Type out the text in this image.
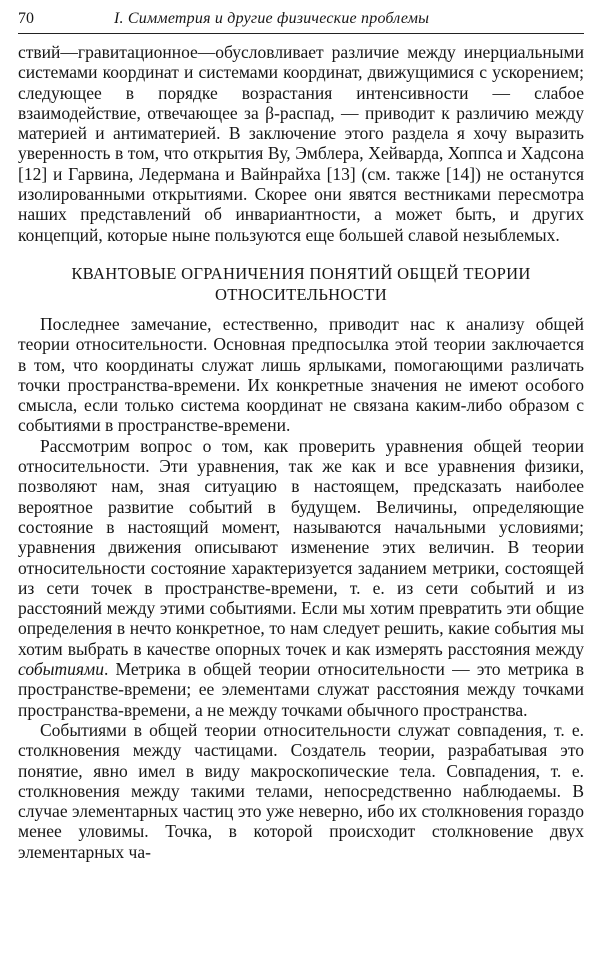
70	I. Симметрия и другие физические проблемы

ствий—гравитационное—обусловливает различие между инерциальными системами координат и системами координат, движущимися с ускорением; следующее в порядке возрастания интенсивности — слабое взаимодействие, отвечающее за β-распад, — приводит к различию между материей и антиматерией. В заключение этого раздела я хочу выразить уверенность в том, что открытия Ву, Эмблера, Хейварда, Хоппса и Хадсона [12] и Гарвина, Ледермана и Вайнрайха [13] (см. также [14]) не останутся изолированными открытиями. Скорее они явятся вестниками пересмотра наших представлений об инвариантности, а может быть, и других концепций, которые ныне пользуются еще большей славой незыблемых.

КВАНТОВЫЕ ОГРАНИЧЕНИЯ ПОНЯТИЙ ОБЩЕЙ ТЕОРИИ
ОТНОСИТЕЛЬНОСТИ

Последнее замечание, естественно, приводит нас к анализу общей теории относительности. Основная предпосылка этой теории заключается в том, что координаты служат лишь ярлыками, помогающими различать точки пространства-времени. Их конкретные значения не имеют особого смысла, если только система координат не связана каким-либо образом с событиями в пространстве-времени.

Рассмотрим вопрос о том, как проверить уравнения общей теории относительности. Эти уравнения, так же как и все уравнения физики, позволяют нам, зная ситуацию в настоящем, предсказать наиболее вероятное развитие событий в будущем. Величины, определяющие состояние в настоящий момент, называются начальными условиями; уравнения движения описывают изменение этих величин. В теории относительности состояние характеризуется заданием метрики, состоящей из сети точек в пространстве-времени, т. е. из сети событий и из расстояний между этими событиями. Если мы хотим превратить эти общие определения в нечто конкретное, то нам следует решить, какие события мы хотим выбрать в качестве опорных точек и как измерять расстояния между событиями. Метрика в общей теории относительности — это метрика в пространстве-времени; ее элементами служат расстояния между точками пространства-времени, а не между точками обычного пространства.

Событиями в общей теории относительности служат совпадения, т. е. столкновения между частицами. Создатель теории, разрабатывая это понятие, явно имел в виду макроскопические тела. Совпадения, т. е. столкновения между такими телами, непосредственно наблюдаемы. В случае элементарных частиц это уже неверно, ибо их столкновения гораздо менее уловимы. Точка, в которой происходит столкновение двух элементарных ча-
